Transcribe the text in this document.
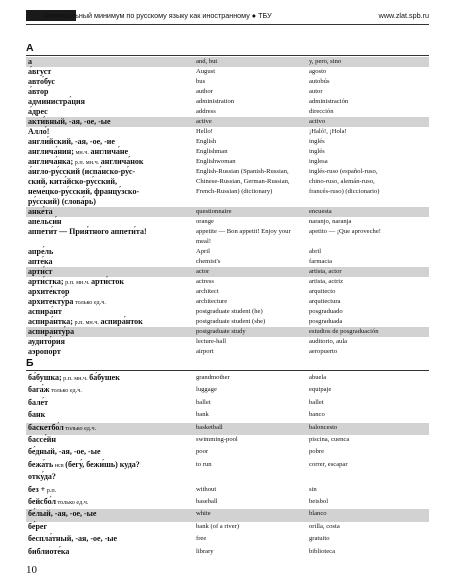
Минимальный минимум по русскому языку как иностранному ● ТБУ	www.zlat.spb.ru
А
а	and, but	y, pero, sino
а́вгуст	August	agosto
авто́бус	bus	autobús
а́втор	author	autor
администра́ция	administration	administración
а́дрес	address	dirección
акти́вный, -ая, -ое, -ые	active	activo
Алло́!	Hello!	¡Haló!, ¡Hola!
англи́йский, -ая, -ое, -ие	English	inglés
англича́нин; мн.ч. англича́не	Englishman	inglés
англича́нка; р.п. мн.ч. англича́нок	Englishwoman	inglesa
а́нгло-ру́сский (испа́нско-ру́с-	English-Russian (Spanish-Russian,	inglés-ruso (español-ruso,
ский, кита́йско-ру́сский,	Chinese-Russian, German-Russian,	chino-ruso, alemán-ruso,
неме́цко-ру́сский, францу́зско-	French-Russian) (dictionary)	francés-ruso) (diccionario)
ру́сский) (слова́рь)
анке́та	questionnaire	encuesta
апельси́н	orange	naranjo, naranja
аппети́т — Прия́тного аппети́та!	appetite — Bon appetit! Enjoy your	apetito — ¡Que aproveche!
meal!
апре́ль	April	abril
апте́ка	chemist's	farmacia
арти́ст	actor	artista, actor
арти́стка; р.п. мн.ч. арти́сток	actress	artista, actriz
архите́ктор	architect	arquitecto
архитекту́ра только ед.ч.	architecture	arquitectura
аспира́нт	postgraduate student (he)	posgraduado
аспира́нтка; р.п. мн.ч. аспира́нток	postgraduate student (she)	posgraduada
аспиранту́ра	postgraduate study	estudios de posgraduación
аудито́рия	lecture-hall	auditorio, aula
аэропо́рт	airport	aeropuerto
Б
ба́бушка; р.п. мн.ч. ба́бушек	grandmother	abuela
бага́ж только ед.ч.	luggage	equipaje
бале́т	ballet	ballet
банк	bank	banco
баскетбо́л только ед.ч.	basketball	baloncesto
бассе́йн	swimming-pool	piscina, cuenca
бе́дный, -ая, -ое, -ые	poor	pobre
бежа́ть нсв (бегу́, бежи́шь) куда?	to run	correr, escapar
отку́да?
без + р.п.	without	sin
бейсбо́л только ед.ч.	baseball	beisbol
бе́лый, -ая, -ое, -ые	white	blanco
бе́рег	bank (of a river)	orilla, costa
беспла́тный, -ая, -ое, -ые	free	gratuito
библиоте́ка	library	biblioteca
10
